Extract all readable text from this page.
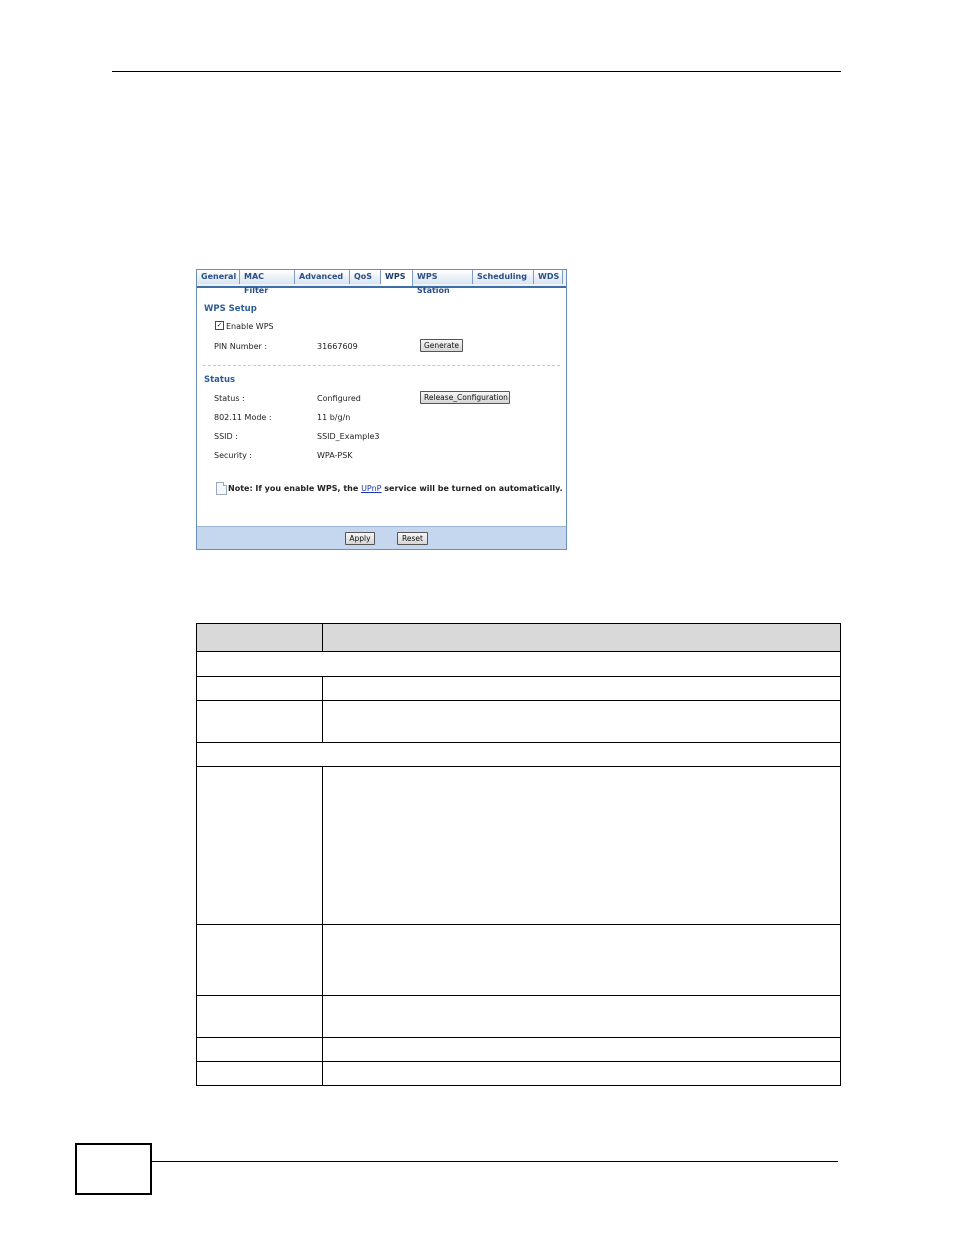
General MAC Filter
Advanced	QoS	WPS	WPS Station
Scheduling	WDS
WPS Setup
✓ Enable WPS
PIN Number :	31667609	Generate
Status
Status :	Configured	Release_Configuration
802.11 Mode :	11 b/g/n
SSID :	SSID_Example3
Security :	WPA-PSK
Note: If you enable WPS, the UPnP service will be turned on automatically.
Apply	Reset
